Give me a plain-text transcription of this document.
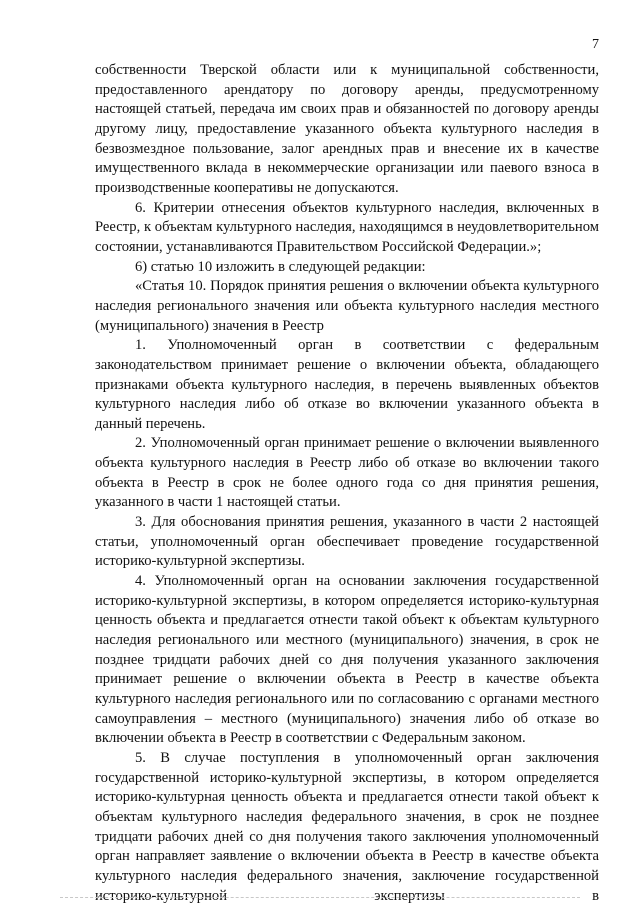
7

собственности Тверской области или к муниципальной собственности, предоставленного арендатору по договору аренды, предусмотренному настоящей статьей, передача им своих прав и обязанностей по договору аренды другому лицу, предоставление указанного объекта культурного наследия в безвозмездное пользование, залог арендных прав и внесение их в качестве имущественного вклада в некоммерческие организации или паевого взноса в производственные кооперативы не допускаются.

6. Критерии отнесения объектов культурного наследия, включенных в Реестр, к объектам культурного наследия, находящимся в неудовлетворительном состоянии, устанавливаются Правительством Российской Федерации.»;

6) статью 10 изложить в следующей редакции:

«Статья 10. Порядок принятия решения о включении объекта культурного наследия регионального значения или объекта культурного наследия местного (муниципального) значения в Реестр

1. Уполномоченный орган в соответствии с федеральным законодательством принимает решение о включении объекта, обладающего признаками объекта культурного наследия, в перечень выявленных объектов культурного наследия либо об отказе во включении указанного объекта в данный перечень.

2. Уполномоченный орган принимает решение о включении выявленного объекта культурного наследия в Реестр либо об отказе во включении такого объекта в Реестр в срок не более одного года со дня принятия решения, указанного в части 1 настоящей статьи.

3. Для обоснования принятия решения, указанного в части 2 настоящей статьи, уполномоченный орган обеспечивает проведение государственной историко-культурной экспертизы.

4. Уполномоченный орган на основании заключения государственной историко-культурной экспертизы, в котором определяется историко-культурная ценность объекта и предлагается отнести такой объект к объектам культурного наследия регионального или местного (муниципального) значения, в срок не позднее тридцати рабочих дней со дня получения указанного заключения принимает решение о включении объекта в Реестр в качестве объекта культурного наследия регионального или по согласованию с органами местного самоуправления – местного (муниципального) значения либо об отказе во включении объекта в Реестр в соответствии с Федеральным законом.

5. В случае поступления в уполномоченный орган заключения государственной историко-культурной экспертизы, в котором определяется историко-культурная ценность объекта и предлагается отнести такой объект к объектам культурного наследия федерального значения, в срок не позднее тридцати рабочих дней со дня получения такого заключения уполномоченный орган направляет заявление о включении объекта в Реестр в качестве объекта культурного наследия федерального значения, заключение государственной историко-культурной экспертизы в
